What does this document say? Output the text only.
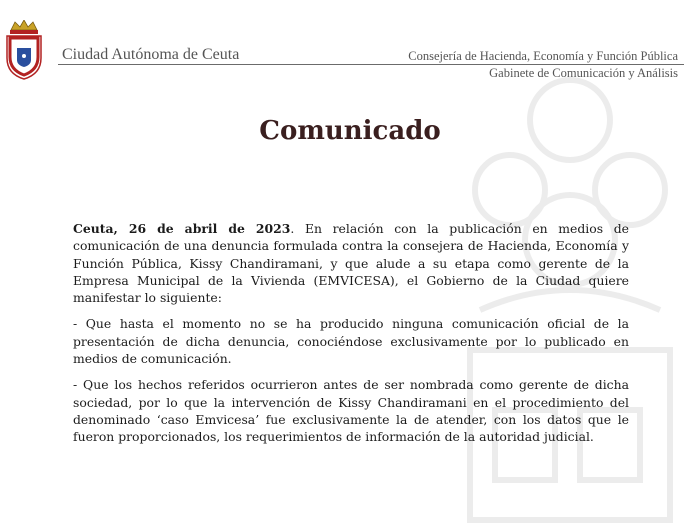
Ciudad Autónoma de Ceuta	Consejería de Hacienda, Economía y Función Pública
Gabinete de Comunicación y Análisis
Comunicado

Ceuta, 26 de abril de 2023. En relación con la publicación en medios de comunicación de una denuncia formulada contra la consejera de Hacienda, Economía y Función Pública, Kissy Chandiramani, y que alude a su etapa como gerente de la Empresa Municipal de la Vivienda (EMVICESA), el Gobierno de la Ciudad quiere manifestar lo siguiente:

- Que hasta el momento no se ha producido ninguna comunicación oficial de la presentación de dicha denuncia, conociéndose exclusivamente por lo publicado en medios de comunicación.

- Que los hechos referidos ocurrieron antes de ser nombrada como gerente de dicha sociedad, por lo que la intervención de Kissy Chandiramani en el procedimiento del denominado ‘caso Emvicesa’ fue exclusivamente la de atender, con los datos que le fueron proporcionados, los requerimientos de información de la autoridad judicial.
